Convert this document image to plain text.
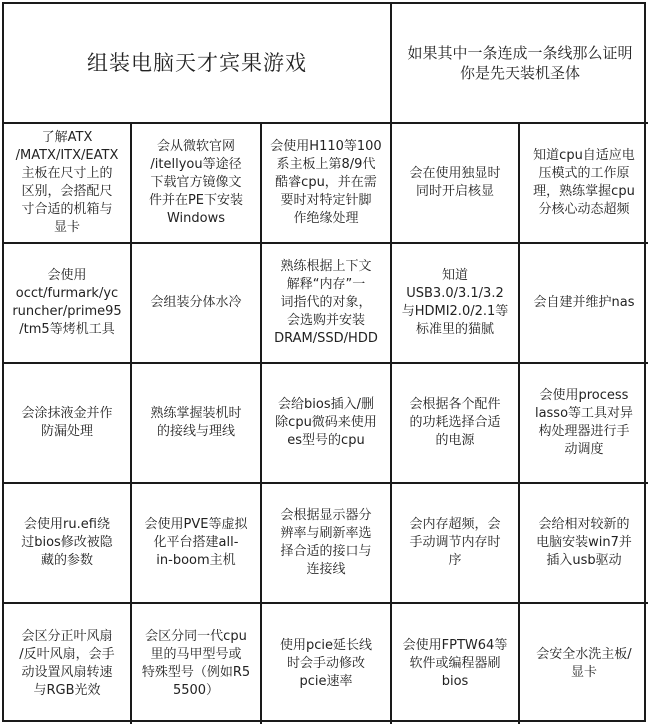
组装电脑天才宾果游戏	如果其中一条连成一条线那么证明
你是先天装机圣体
了解ATX
/MATX/ITX/EATX
主板在尺寸上的
区别，会搭配尺
寸合适的机箱与
显卡
会从微软官网
/itellyou等途径
下载官方镜像文
件并在PE下安装
Windows
会使用H110等100
系主板上第8/9代
酷睿cpu，并在需
要时对特定针脚
作绝缘处理
会在使用独显时
同时开启核显
知道cpu自适应电
压模式的工作原
理，熟练掌握cpu
分核心动态超频
会使用
occt/furmark/yc
runcher/prime95
/tm5等烤机工具
会组装分体水冷
熟练根据上下文
解释“内存”一
词指代的对象，
会选购并安装
DRAM/SSD/HDD
知道
USB3.0/3.1/3.2
与HDMI2.0/2.1等
标准里的猫腻
会自建并维护nas
会涂抹液金并作
防漏处理
熟练掌握装机时
的接线与理线
会给bios插入/删
除cpu微码来使用
es型号的cpu
会根据各个配件
的功耗选择合适
的电源
会使用process
lasso等工具对异
构处理器进行手
动调度
会使用ru.efi绕
过bios修改被隐
藏的参数
会使用PVE等虚拟
化平台搭建all-
in-boom主机
会根据显示器分
辨率与刷新率选
择合适的接口与
连接线
会内存超频，会
手动调节内存时
序
会给相对较新的
电脑安装win7并
插入usb驱动
会区分正叶风扇
/反叶风扇，会手
动设置风扇转速
与RGB光效
会区分同一代cpu
里的马甲型号或
特殊型号（例如R5
5500）
使用pcie延长线
时会手动修改
pcie速率
会使用FPTW64等
软件或编程器刷
bios
会安全水洗主板/
显卡
